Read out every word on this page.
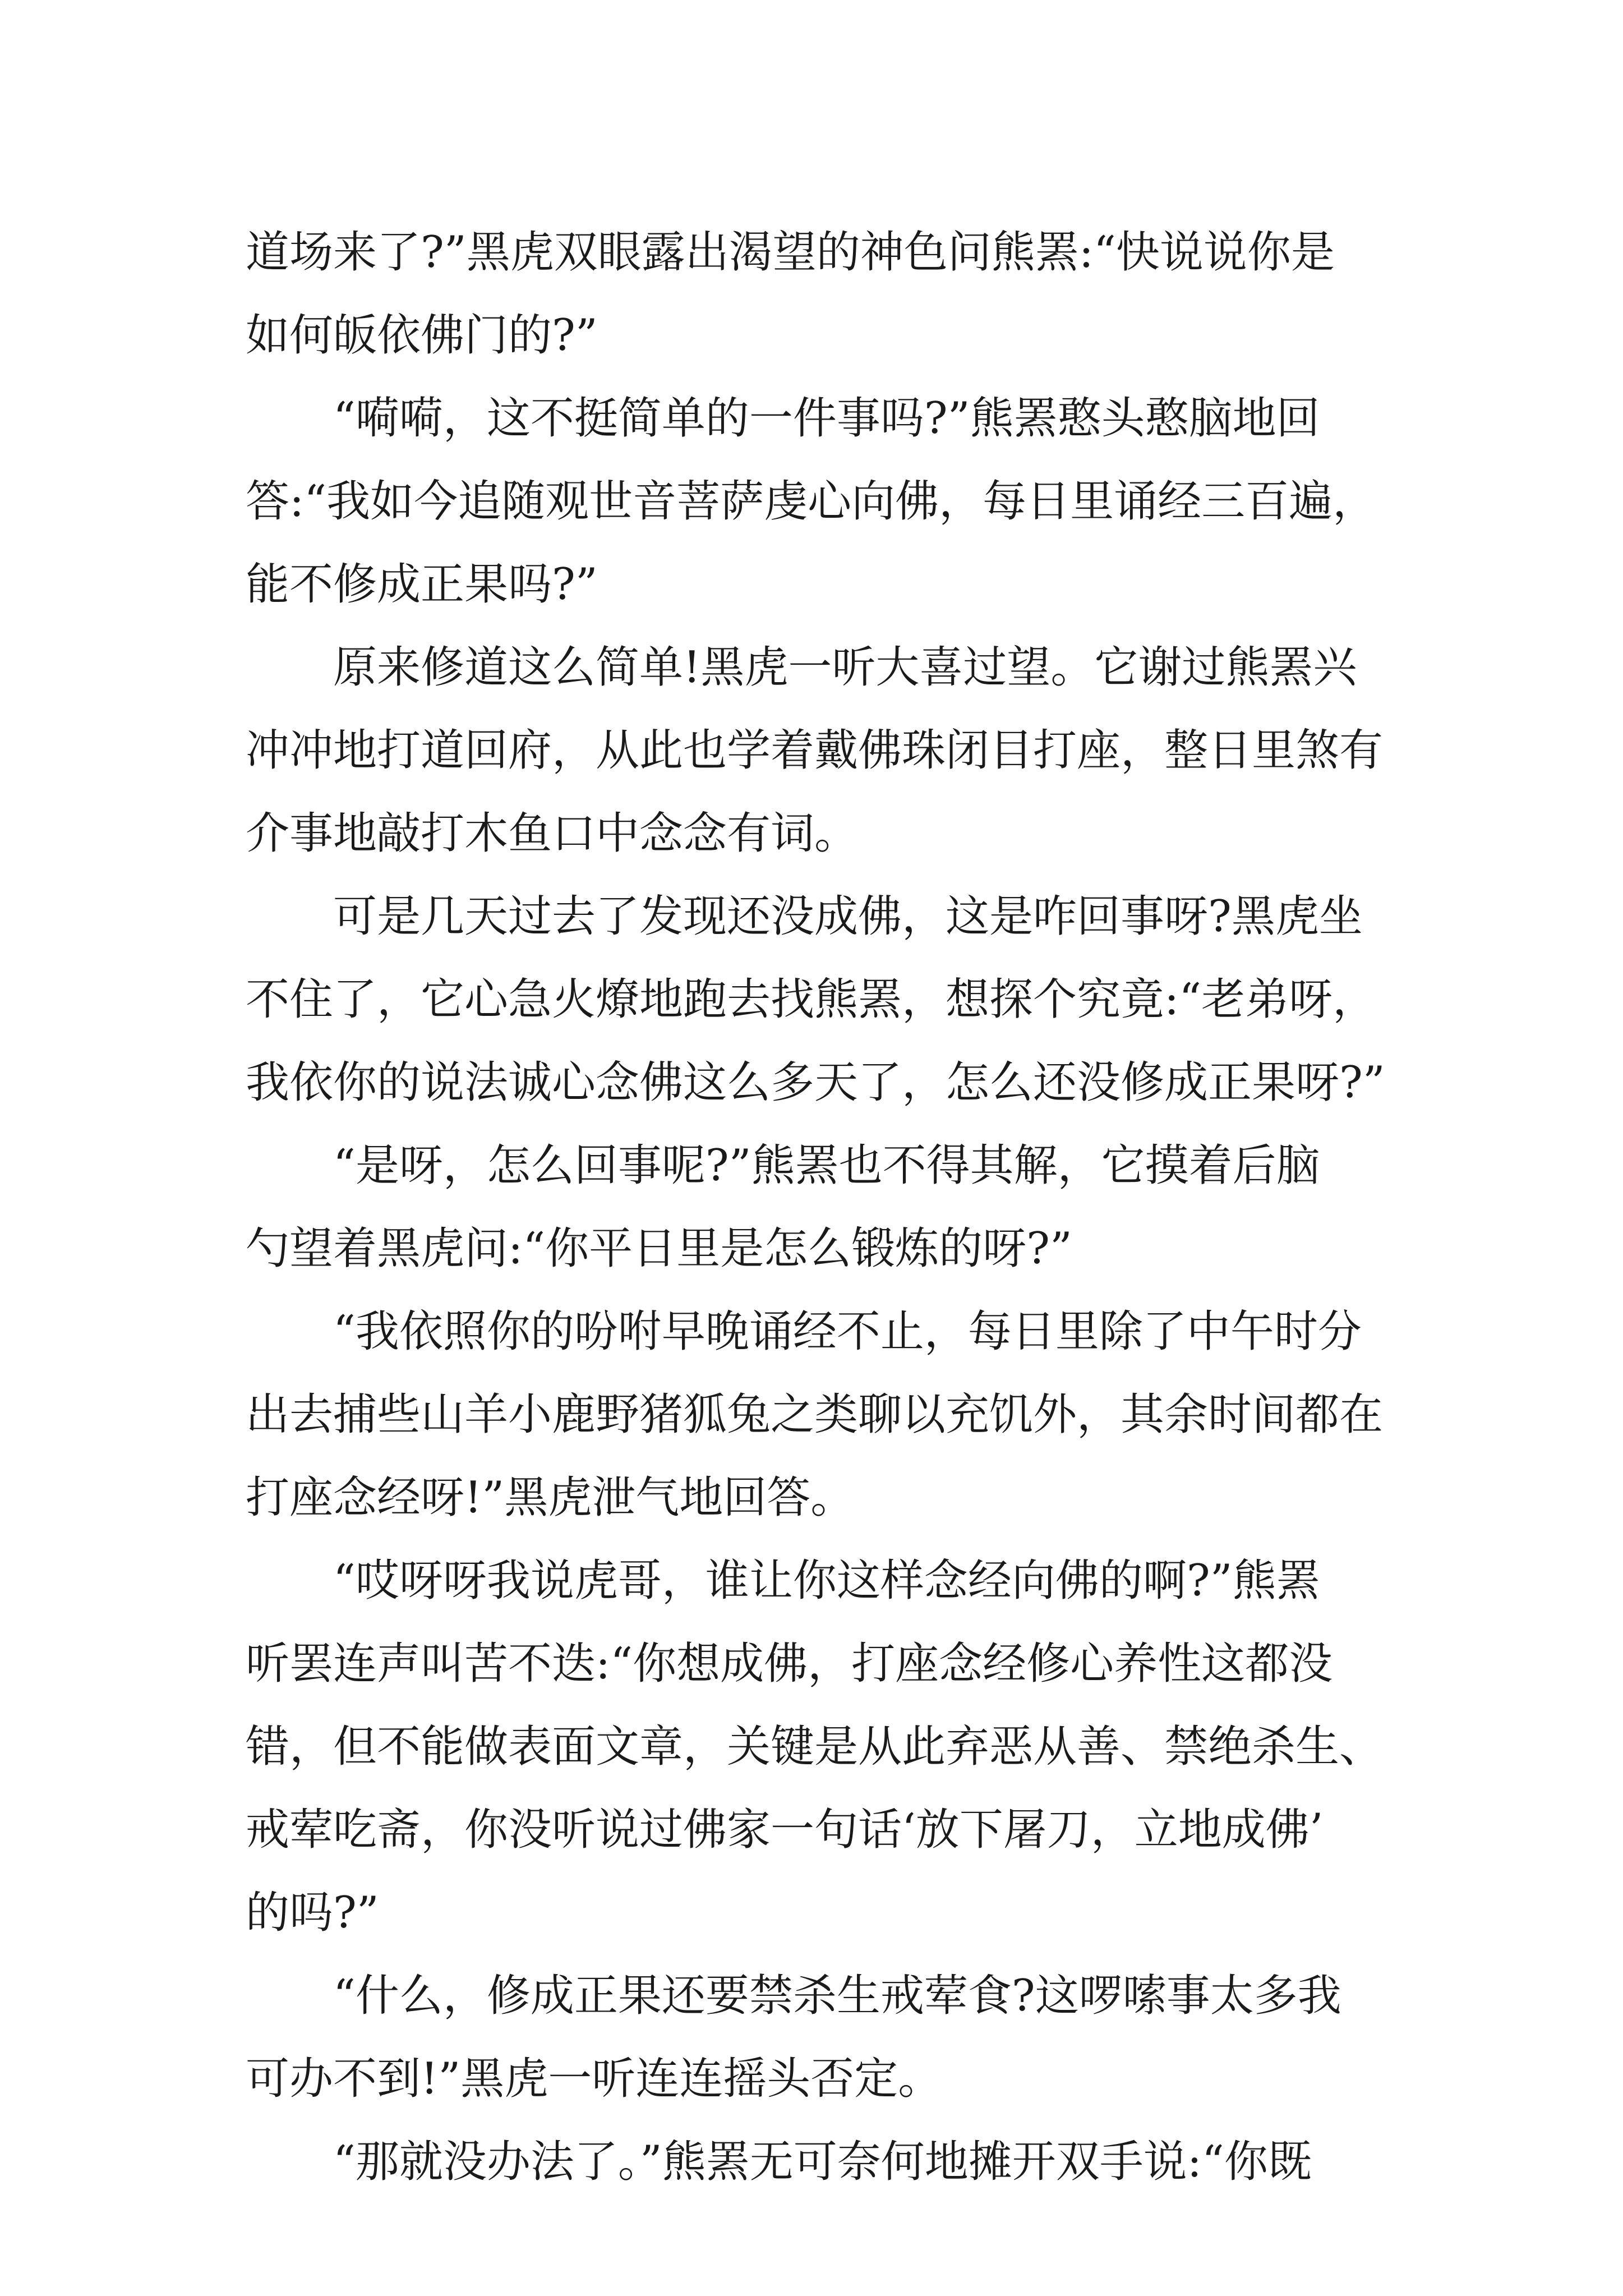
道场来了?”黑虎双眼露出渴望的神色问熊罴:“快说说你是
如何皈依佛门的?”
“嗬嗬，这不挺简单的一件事吗?”熊罴憨头憨脑地回
答:“我如今追随观世音菩萨虔心向佛，每日里诵经三百遍，
能不修成正果吗?”
原来修道这么简单!黑虎一听大喜过望。它谢过熊罴兴
冲冲地打道回府，从此也学着戴佛珠闭目打座，整日里煞有
介事地敲打木鱼口中念念有词。
可是几天过去了发现还没成佛，这是咋回事呀?黑虎坐
不住了，它心急火燎地跑去找熊罴，想探个究竟:“老弟呀，
我依你的说法诚心念佛这么多天了，怎么还没修成正果呀?”
“是呀，怎么回事呢?”熊罴也不得其解，它摸着后脑
勺望着黑虎问:“你平日里是怎么锻炼的呀?”
“我依照你的吩咐早晚诵经不止，每日里除了中午时分
出去捕些山羊小鹿野猪狐兔之类聊以充饥外，其余时间都在
打座念经呀!”黑虎泄气地回答。
“哎呀呀我说虎哥，谁让你这样念经向佛的啊?”熊罴
听罢连声叫苦不迭:“你想成佛，打座念经修心养性这都没
错，但不能做表面文章，关键是从此弃恶从善、禁绝杀生、
戒荤吃斋，你没听说过佛家一句话‘放下屠刀，立地成佛’
的吗?”
“什么，修成正果还要禁杀生戒荤食?这啰嗦事太多我
可办不到!”黑虎一听连连摇头否定。
“那就没办法了。”熊罴无可奈何地摊开双手说:“你既
